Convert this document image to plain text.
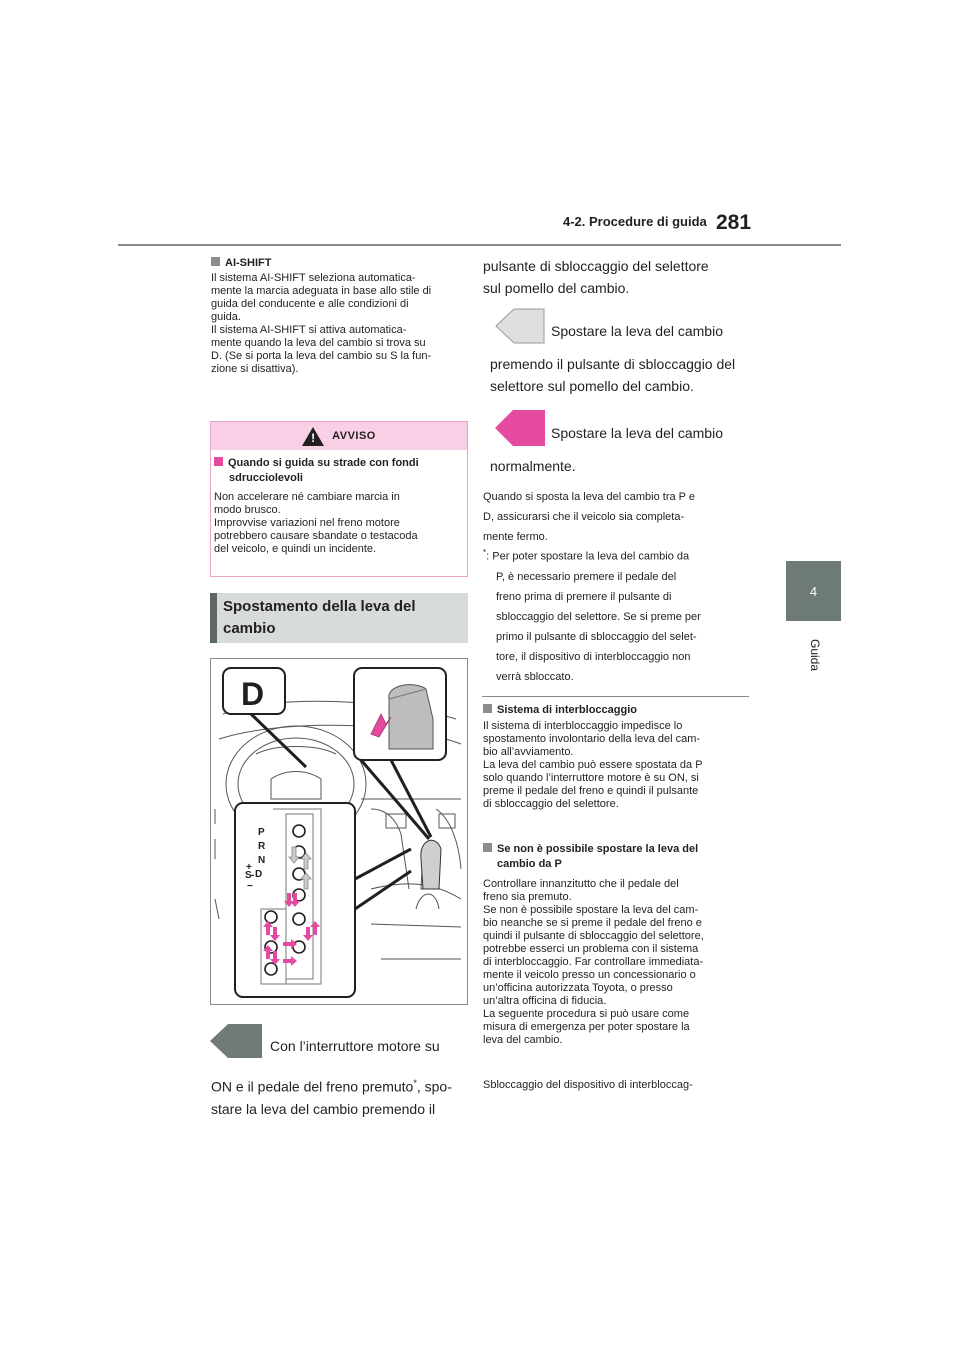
4-2. Procedure di guida 281
4
Guida
AI-SHIFT
Il sistema AI-SHIFT seleziona automatica-
mente la marcia adeguata in base allo stile di
guida del conducente e alle condizioni di
guida.
Il sistema AI-SHIFT si attiva automatica-
mente quando la leva del cambio si trova su
D. (Se si porta la leva del cambio su S la fun-
zione si disattiva).
! AVVISO
Quando si guida su strade con fondi
sdrucciolevoli
Non accelerare né cambiare marcia in
modo brusco.
Improvvise variazioni nel freno motore
potrebbero causare sbandate o testacoda
del veicolo, e quindi un incidente.
Spostamento della leva del
cambio
D
P
R
N
D
+
S -
−
Con l’interruttore motore su
ON e il pedale del freno premuto*, spo-
stare la leva del cambio premendo il
pulsante di sbloccaggio del selettore
sul pomello del cambio.
Spostare la leva del cambio
premendo il pulsante di sbloccaggio del
selettore sul pomello del cambio.
Spostare la leva del cambio
normalmente.
Quando si sposta la leva del cambio tra P e
D, assicurarsi che il veicolo sia completa-
mente fermo.
*: Per poter spostare la leva del cambio da
P, è necessario premere il pedale del
freno prima di premere il pulsante di
sbloccaggio del selettore. Se si preme per
primo il pulsante di sbloccaggio del selet-
tore, il dispositivo di interbloccaggio non
verrà sbloccato.
Sistema di interbloccaggio
Il sistema di interbloccaggio impedisce lo
spostamento involontario della leva del cam-
bio all’avviamento.
La leva del cambio può essere spostata da P
solo quando l’interruttore motore è su ON, si
preme il pedale del freno e quindi il pulsante
di sbloccaggio del selettore.
Se non è possibile spostare la leva del
cambio da P
Controllare innanzitutto che il pedale del
freno sia premuto.
Se non è possibile spostare la leva del cam-
bio neanche se si preme il pedale del freno e
quindi il pulsante di sbloccaggio del selettore,
potrebbe esserci un problema con il sistema
di interbloccaggio. Far controllare immediata-
mente il veicolo presso un concessionario o
un’officina autorizzata Toyota, o presso
un’altra officina di fiducia.
La seguente procedura si può usare come
misura di emergenza per poter spostare la
leva del cambio.
Sbloccaggio del dispositivo di interbloccag-
